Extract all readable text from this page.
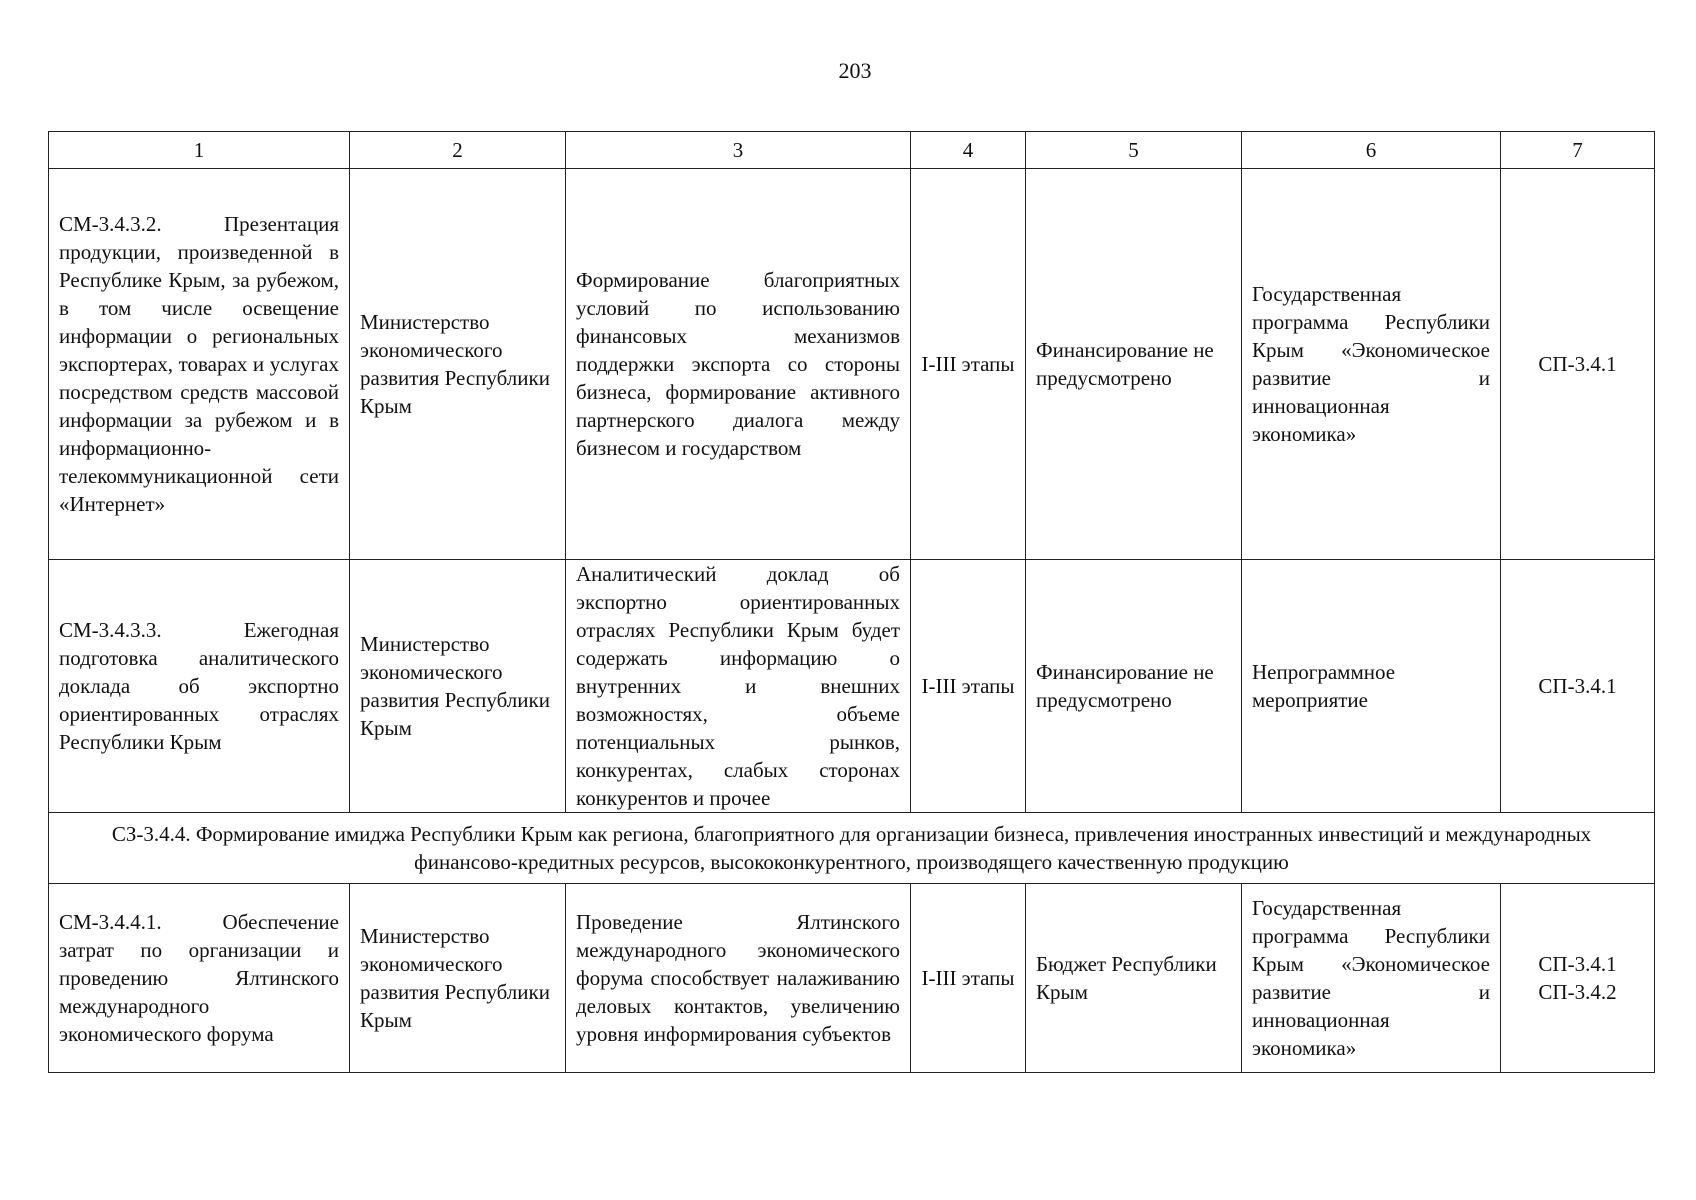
203
1	2	3	4	5	6	7
СМ-3.4.3.2. Презентация продукции, произведенной в Республике Крым, за рубежом, в том числе освещение информации о региональных экспортерах, товарах и услугах посредством средств массовой информации за рубежом и в информационно-телекоммуникационной сети «Интернет»	Министерство экономического развития Республики Крым	Формирование благоприятных условий по использованию финансовых механизмов поддержки экспорта со стороны бизнеса, формирование активного партнерского диалога между бизнесом и государством	I-III этапы	Финансирование не предусмотрено	Государственная программа Республики Крым «Экономическое развитие и инновационная экономика»	СП-3.4.1

СМ-3.4.3.3. Ежегодная подготовка аналитического доклада об экспортно ориентированных отраслях Республики Крым	Министерство экономического развития Республики Крым	Аналитический доклад об экспортно ориентированных отраслях Республики Крым будет содержать информацию о внутренних и внешних возможностях, объеме потенциальных рынков, конкурентах, слабых сторонах конкурентов и прочее	I-III этапы	Финансирование не предусмотрено	Непрограммное мероприятие	СП-3.4.1

СЗ-3.4.4. Формирование имиджа Республики Крым как региона, благоприятного для организации бизнеса, привлечения иностранных инвестиций и международных финансово-кредитных ресурсов, высококонкурентного, производящего качественную продукцию						
СМ-3.4.4.1. Обеспечение затрат по организации и проведению Ялтинского международного экономического форума	Министерство экономического развития Республики Крым	Проведение Ялтинского международного экономического форума способствует налаживанию деловых контактов, увеличению уровня информирования субъектов	I-III этапы	Бюджет Республики Крым	Государственная программа Республики Крым «Экономическое развитие и инновационная экономика»	СП-3.4.1
СП-3.4.2
